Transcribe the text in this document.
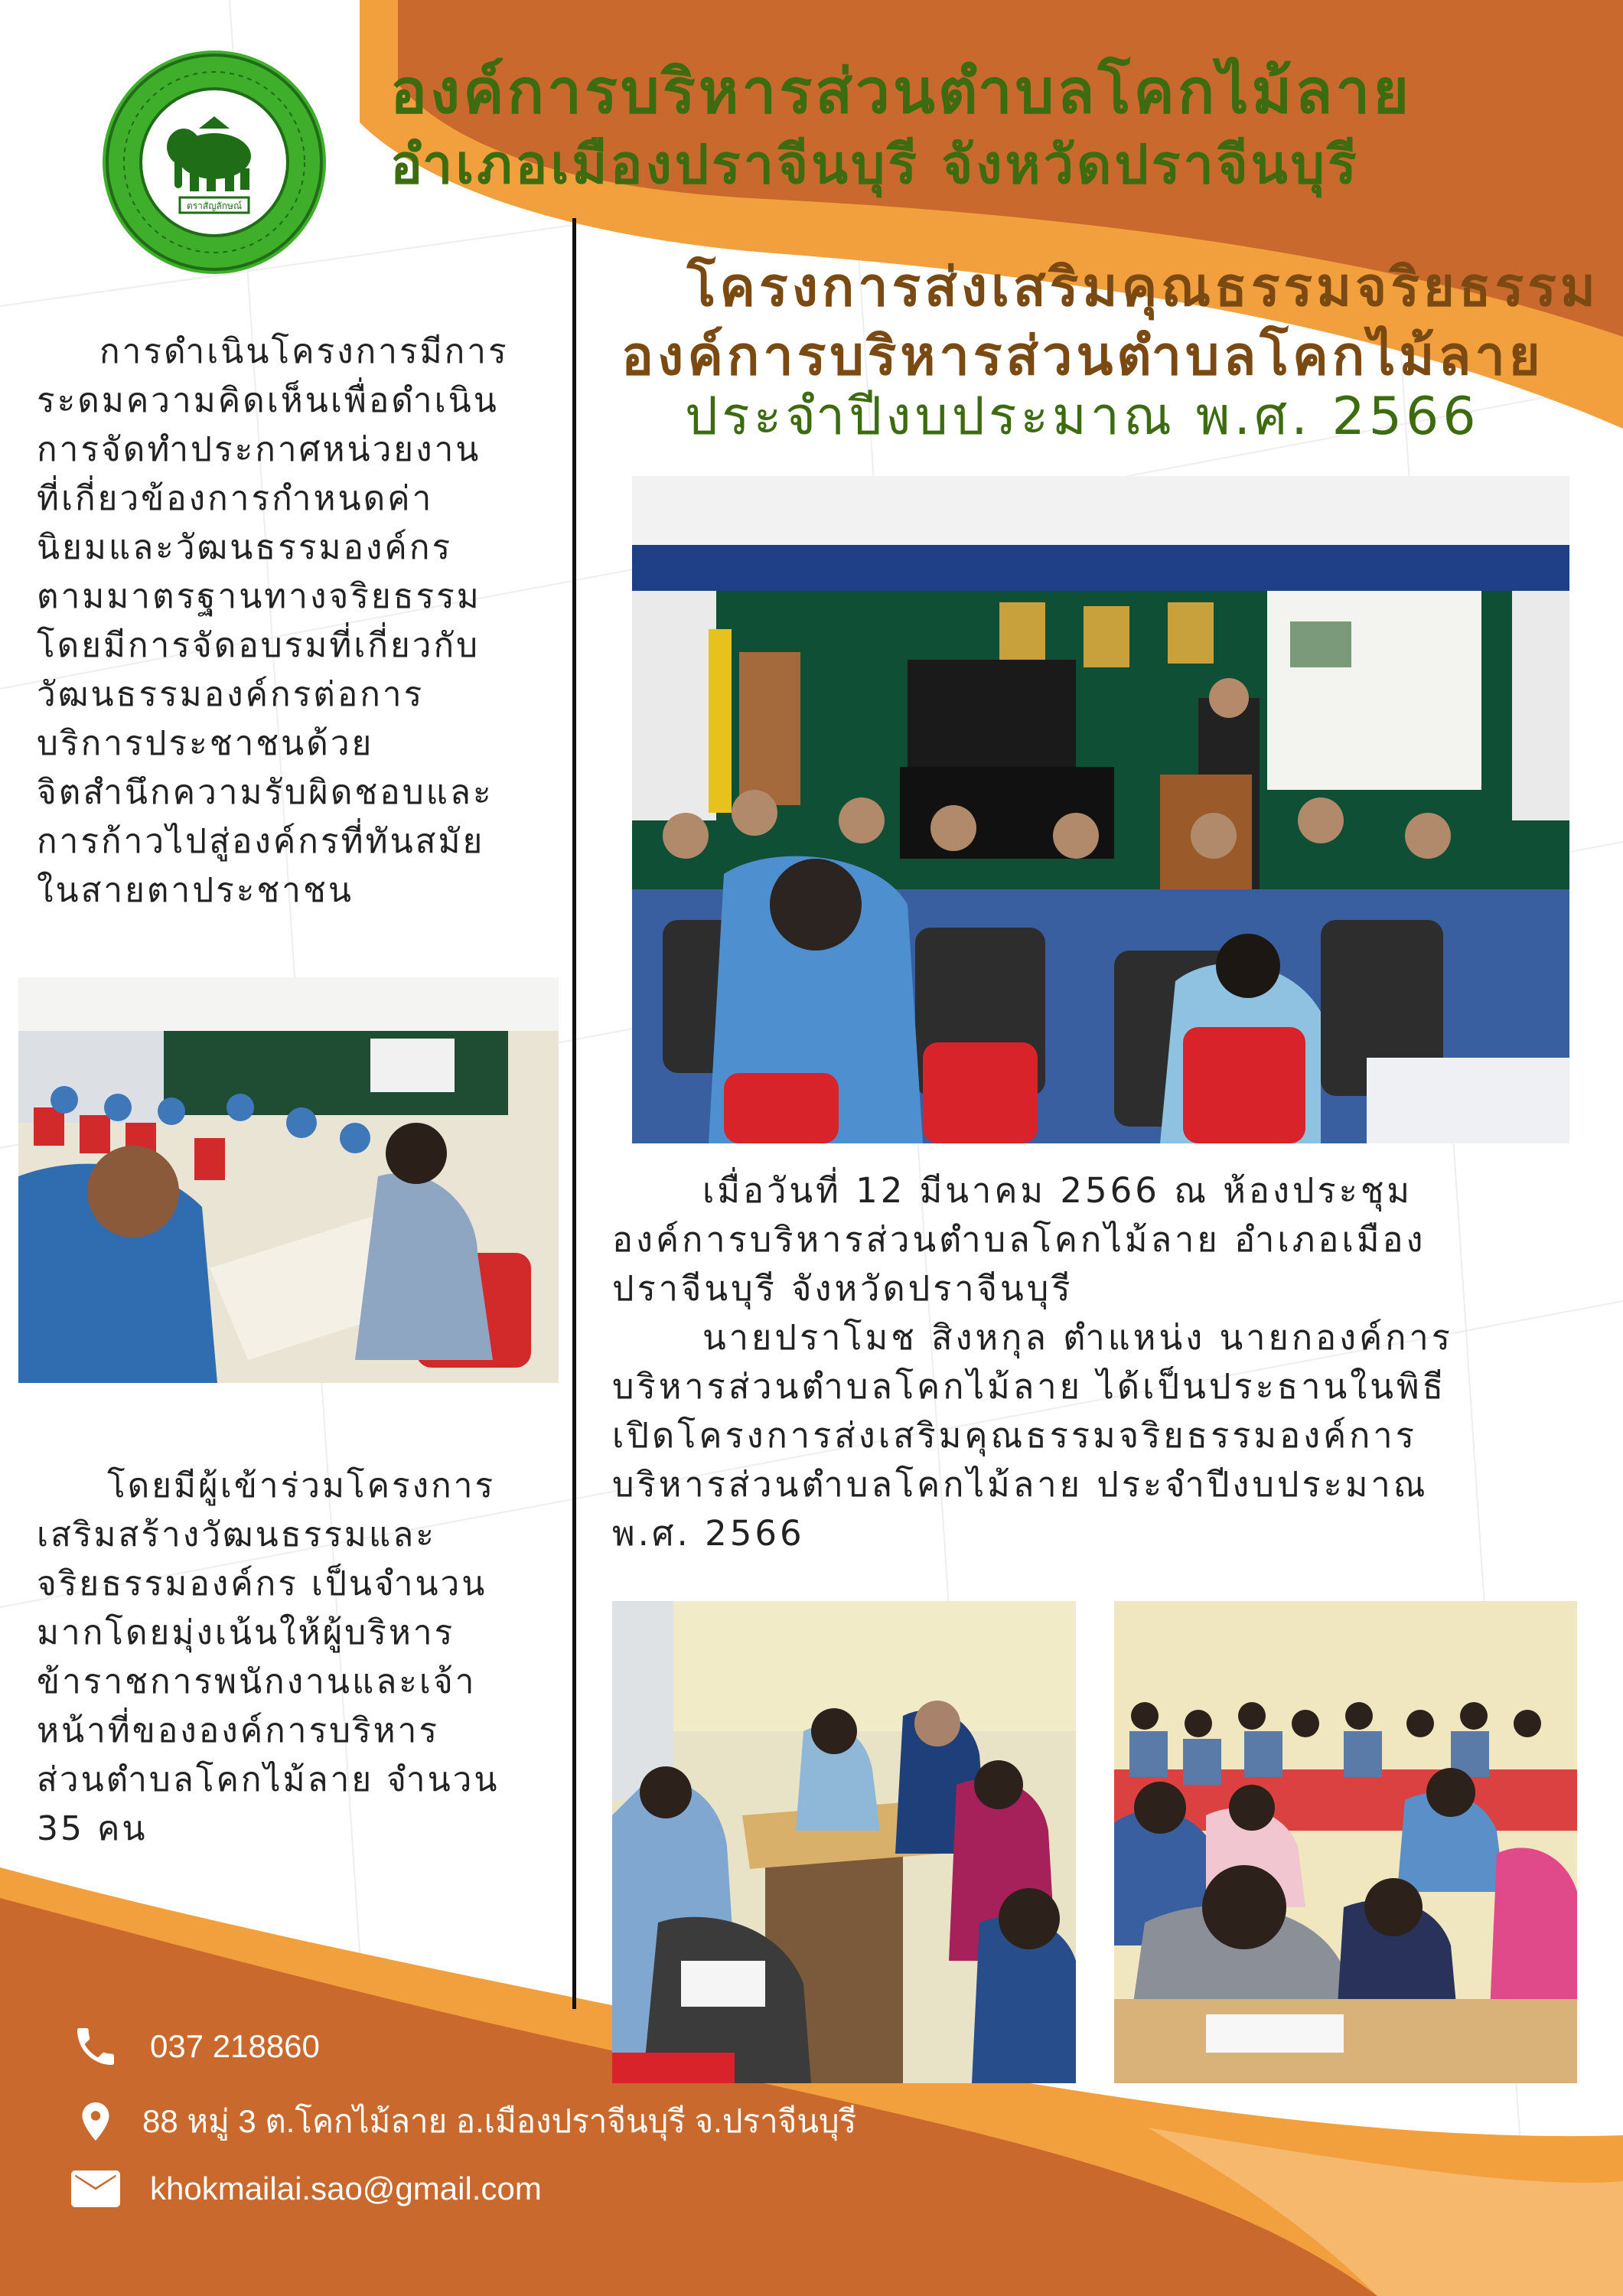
ตราสัญลักษณ์
องค์การบริหารส่วนตำบลโคกไม้ลาย
อำเภอเมืองปราจีนบุรี จังหวัดปราจีนบุรี
โครงการส่งเสริมคุณธรรมจริยธรรม
องค์การบริหารส่วนตำบลโคกไม้ลาย
ประจำปีงบประมาณ พ.ศ. 2566

การดำเนินโครงการมีการ

ระดมความคิดเห็นเพื่อดำเนิน

การจัดทำประกาศหน่วยงาน

ที่เกี่ยวข้องการกำหนดค่า

นิยมและวัฒนธรรมองค์กร

ตามมาตรฐานทางจริยธรรม

โดยมีการจัดอบรมที่เกี่ยวกับ

วัฒนธรรมองค์กรต่อการ

บริการประชาชนด้วย

จิตสำนึกความรับผิดชอบและ

การก้าวไปสู่องค์กรที่ทันสมัย

ในสายตาประชาชน

โดยมีผู้เข้าร่วมโครงการ

เสริมสร้างวัฒนธรรมและ

จริยธรรมองค์กร เป็นจำนวน

มากโดยมุ่งเน้นให้ผู้บริหาร

ข้าราชการพนักงานและเจ้า

หน้าที่ขององค์การบริหาร

ส่วนตำบลโคกไม้ลาย จำนวน

35 คน

เมื่อวันที่ 12 มีนาคม 2566 ณ ห้องประชุม

องค์การบริหารส่วนตำบลโคกไม้ลาย อำเภอเมือง

ปราจีนบุรี จังหวัดปราจีนบุรี

นายปราโมช สิงหกุล ตำแหน่ง นายกองค์การ

บริหารส่วนตำบลโคกไม้ลาย ได้เป็นประธานในพิธี

เปิดโครงการส่งเสริมคุณธรรมจริยธรรมองค์การ

บริหารส่วนตำบลโคกไม้ลาย ประจำปีงบประมาณ

พ.ศ. 2566

037 218860
88 หมู่ 3 ต.โคกไม้ลาย อ.เมืองปราจีนบุรี จ.ปราจีนบุรี
khokmailai.sao@gmail.com
